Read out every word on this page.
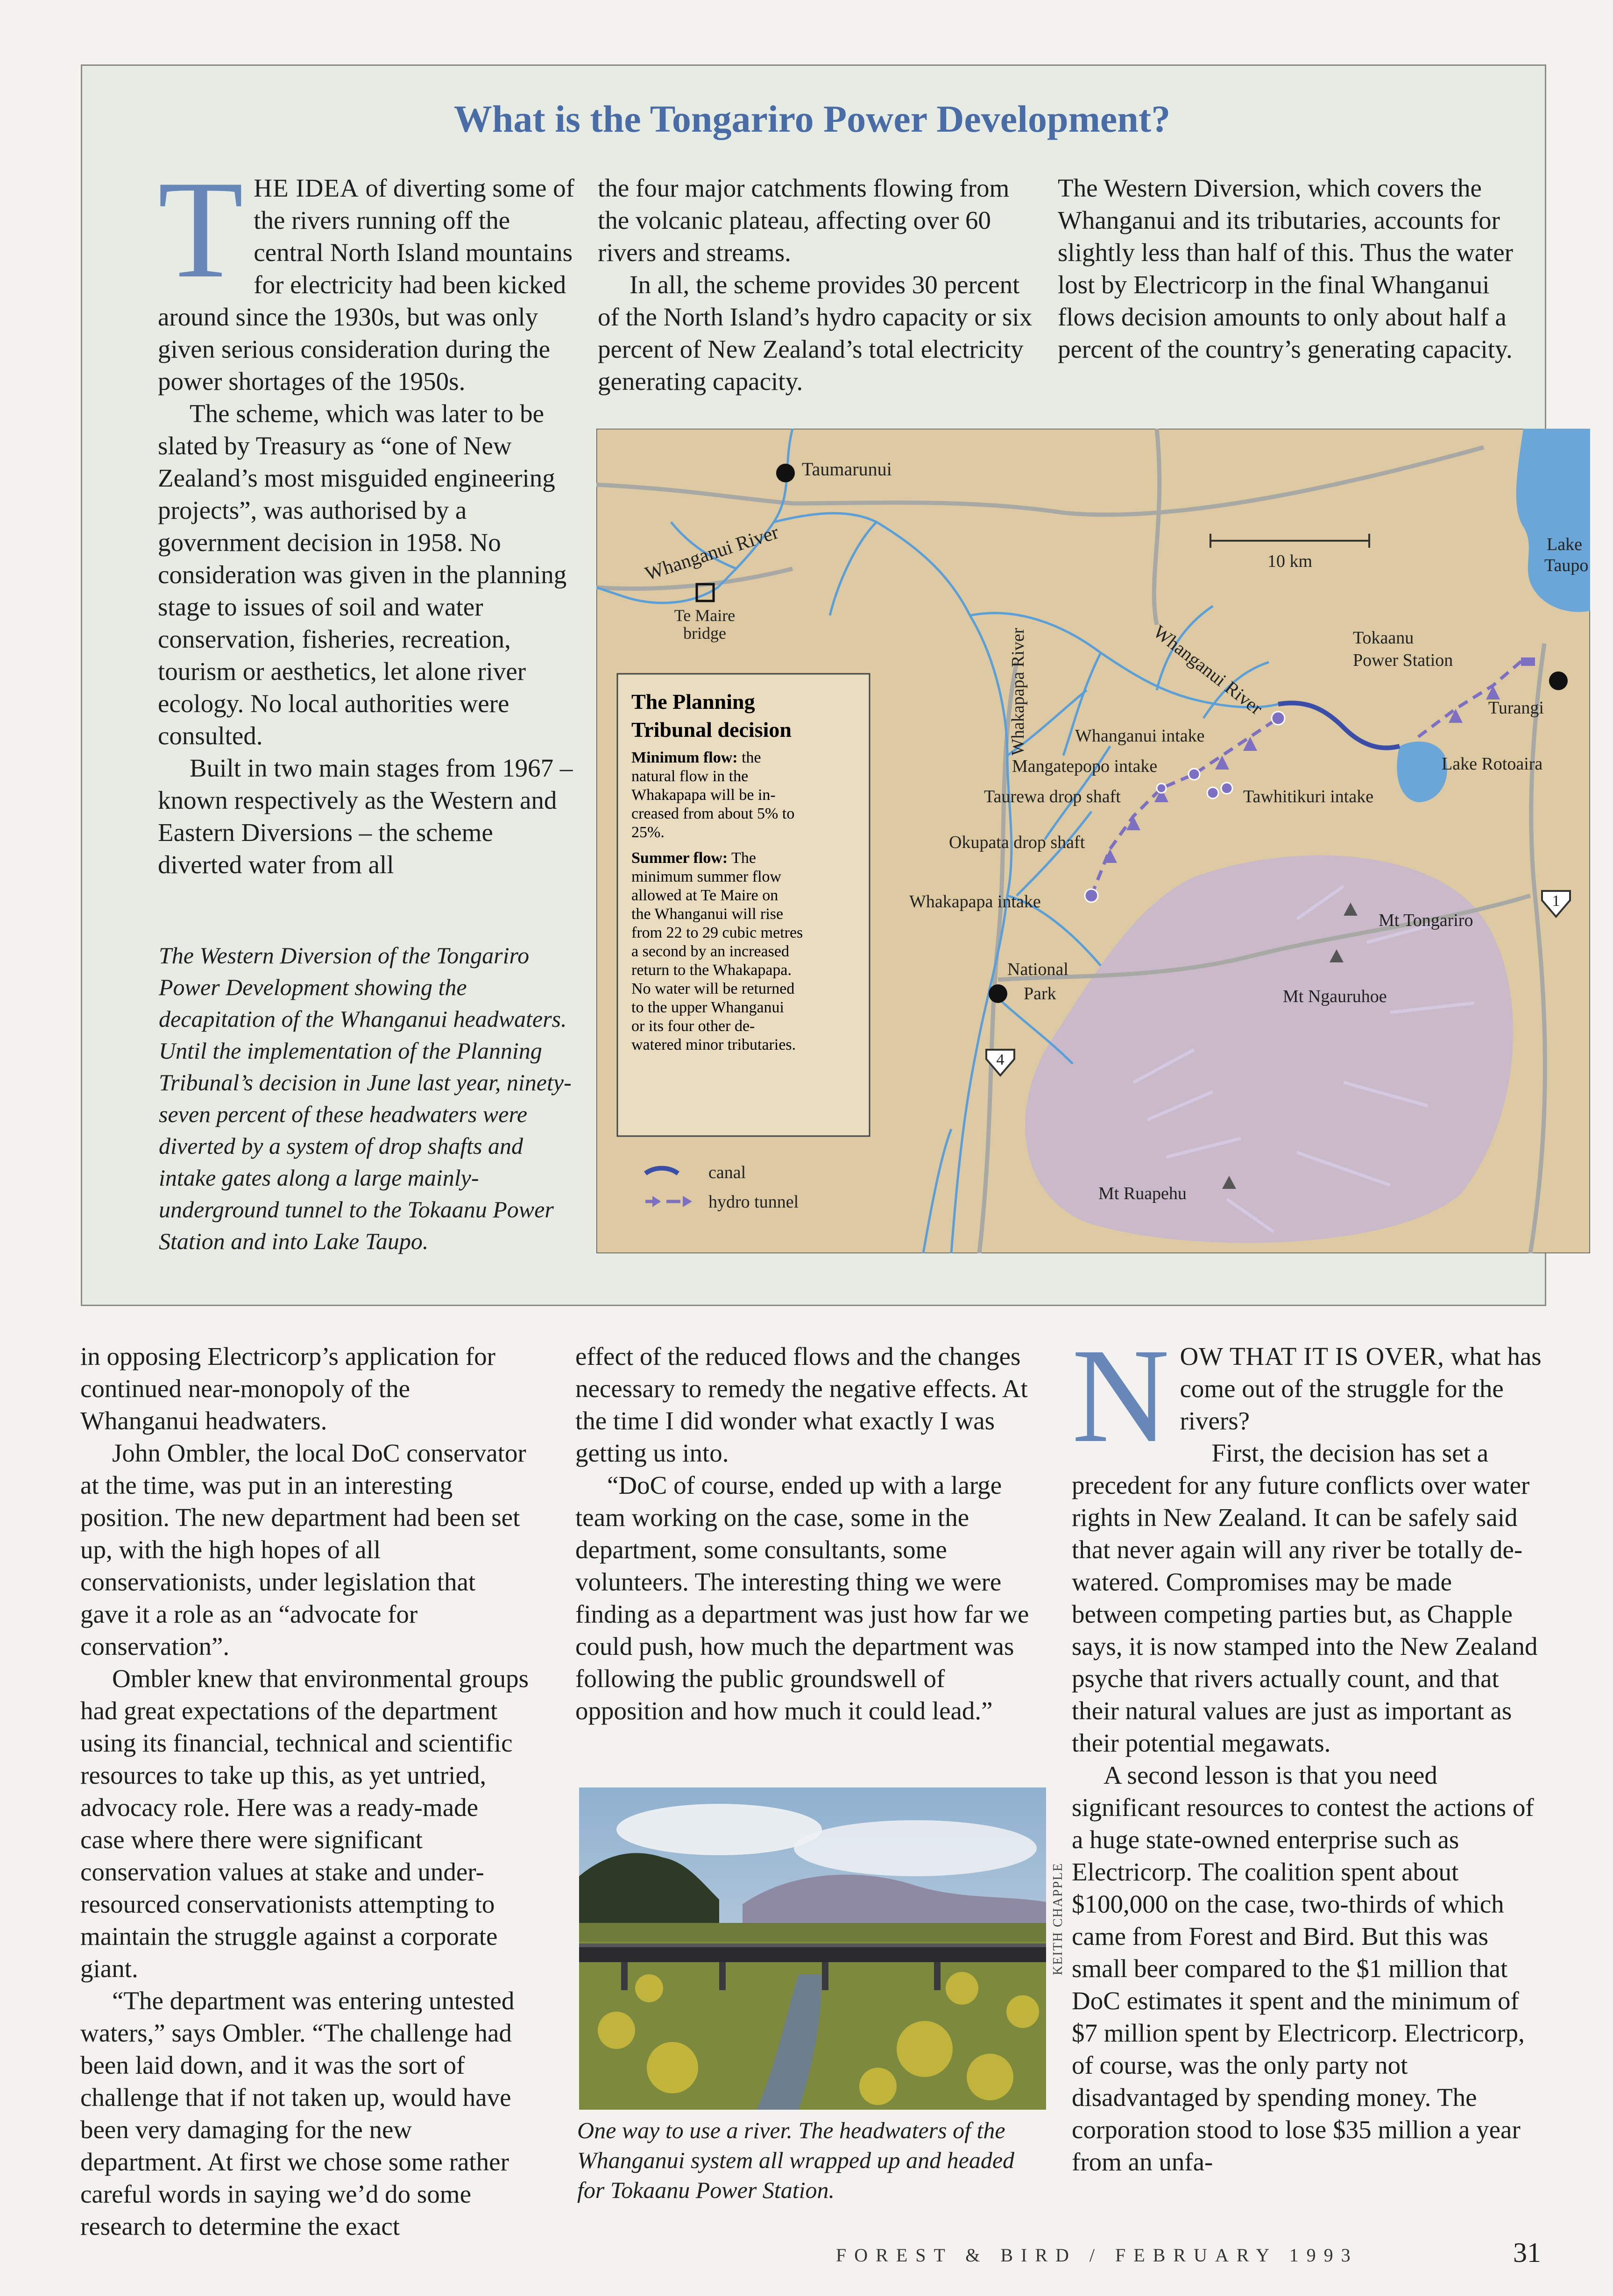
What is the Tongariro Power Development?

THE IDEA of diverting some of the rivers running off the central North Island mountains for electricity had been kicked around since the 1930s, but was only given serious consideration during the power shortages of the 1950s.

The scheme, which was later to be slated by Treasury as “one of New Zealand’s most misguided engineering projects”, was authorised by a government decision in 1958. No consideration was given in the planning stage to issues of soil and water conservation, fisheries, recreation, tourism or aesthetics, let alone river ecology. No local authorities were consulted.

Built in two main stages from 1967 – known respectively as the Western and Eastern Diversions – the scheme diverted water from all

the four major catchments flowing from the volcanic plateau, affecting over 60 rivers and streams.

In all, the scheme provides 30 percent of the North Island’s hydro capacity or six percent of New Zealand’s total electricity generating capacity.

The Western Diversion, which covers the Whanganui and its tributaries, accounts for slightly less than half of this. Thus the water lost by Electricorp in the final Whanganui flows decision amounts to only about half a percent of the country’s generating capacity.

The Western Diversion of the Tongariro Power Development showing the decapitation of the Whanganui headwaters. Until the implementation of the Planning Tribunal’s decision in June last year, ninety-seven percent of these headwaters were diverted by a system of drop shafts and intake gates along a large mainly-underground tunnel to the Tokaanu Power Station and into Lake Taupo.
4
1
10 km
Taumarunui
Whanganui River
Te Maire
bridge	Whakapapa River	Whanganui River	Tokaanu
Power Station
Lake
Taupo
Turangi
Lake Rotoaira
Whanganui intake
Mangatepopo intake
Taurewa drop shaft	Tawhitikuri intake
Okupata drop shaft
Whakapapa intake
Mt Tongariro
Mt Ngauruhoe
National
Park
Mt Ruapehu
The Planning
Tribunal decision
Minimum flow: the
natural flow in the
Whakapapa will be in-
creased from about 5% to
25%.
Summer flow: The
minimum summer flow
allowed at Te Maire on
the Whanganui will rise
from 22 to 29 cubic metres
a second by an increased
return to the Whakapapa.
No water will be returned
to the upper Whanganui
or its four other de-
watered minor tributaries.
canal
hydro tunnel

in opposing Electricorp’s application for continued near-monopoly of the Whanganui headwaters.

John Ombler, the local DoC conservator at the time, was put in an interesting position. The new department had been set up, with the high hopes of all conservationists, under legislation that gave it a role as an “advocate for conservation”.

Ombler knew that environmental groups had great expectations of the department using its financial, technical and scientific resources to take up this, as yet untried, advocacy role. Here was a ready-made case where there were significant conservation values at stake and under-resourced conservationists attempting to maintain the struggle against a corporate giant.

“The department was entering untested waters,” says Ombler. “The challenge had been laid down, and it was the sort of challenge that if not taken up, would have been very damaging for the new department. At first we chose some rather careful words in saying we’d do some research to determine the exact

effect of the reduced flows and the changes necessary to remedy the negative effects. At the time I did wonder what exactly I was getting us into.

“DoC of course, ended up with a large team working on the case, some in the department, some consultants, some volunteers. The interesting thing we were finding as a department was just how far we could push, how much the department was following the public groundswell of opposition and how much it could lead.”

KEITH CHAPPLE
One way to use a river. The headwaters of the Whanganui system all wrapped up and headed for Tokaanu Power Station.

NOW THAT IT IS OVER, what has come out of the struggle for the rivers?

First, the decision has set a precedent for any future conflicts over water rights in New Zealand. It can be safely said that never again will any river be totally de-watered. Compromises may be made between competing parties but, as Chapple says, it is now stamped into the New Zealand psyche that rivers actually count, and that their natural values are just as important as their potential megawats.

A second lesson is that you need significant resources to contest the actions of a huge state-owned enterprise such as Electricorp. The coalition spent about $100,000 on the case, two-thirds of which came from Forest and Bird. But this was small beer compared to the $1 million that DoC estimates it spent and the minimum of $7 million spent by Electricorp. Electricorp, of course, was the only party not disadvantaged by spending money. The corporation stood to lose $35 million a year from an unfa-

FOREST & BIRD / FEBRUARY 1993	31
